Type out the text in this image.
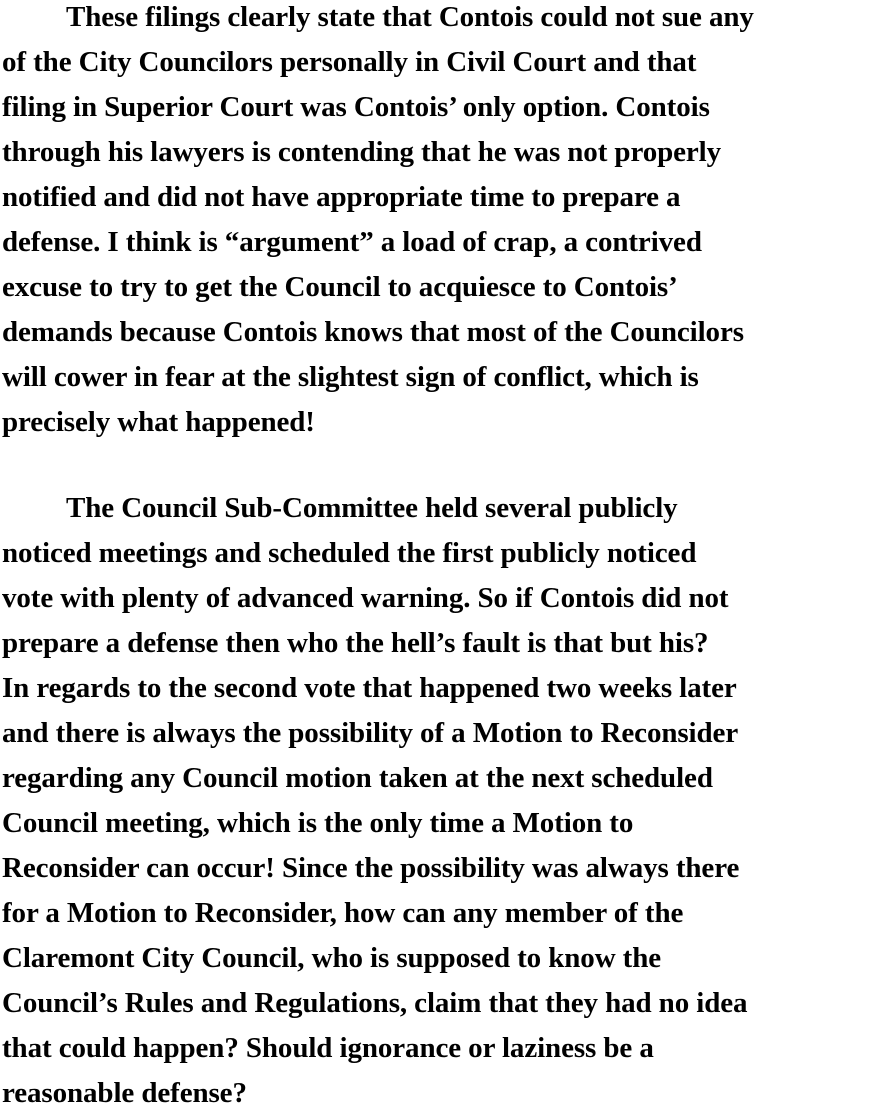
These filings clearly state that Contois could not sue any
of the City Councilors personally in Civil Court and that
filing in Superior Court was Contois’ only option. Contois
through his lawyers is contending that he was not properly
notified and did not have appropriate time to prepare a
defense. I think is “argument” a load of crap, a contrived
excuse to try to get the Council to acquiesce to Contois’
demands because Contois knows that most of the Councilors
will cower in fear at the slightest sign of conflict, which is
precisely what happened!
The Council Sub-Committee held several publicly
noticed meetings and scheduled the first publicly noticed
vote with plenty of advanced warning. So if Contois did not
prepare a defense then who the hell’s fault is that but his?
In regards to the second vote that happened two weeks later
and there is always the possibility of a Motion to Reconsider
regarding any Council motion taken at the next scheduled
Council meeting, which is the only time a Motion to
Reconsider can occur! Since the possibility was always there
for a Motion to Reconsider, how can any member of the
Claremont City Council, who is supposed to know the
Council’s Rules and Regulations, claim that they had no idea
that could happen? Should ignorance or laziness be a
reasonable defense?
